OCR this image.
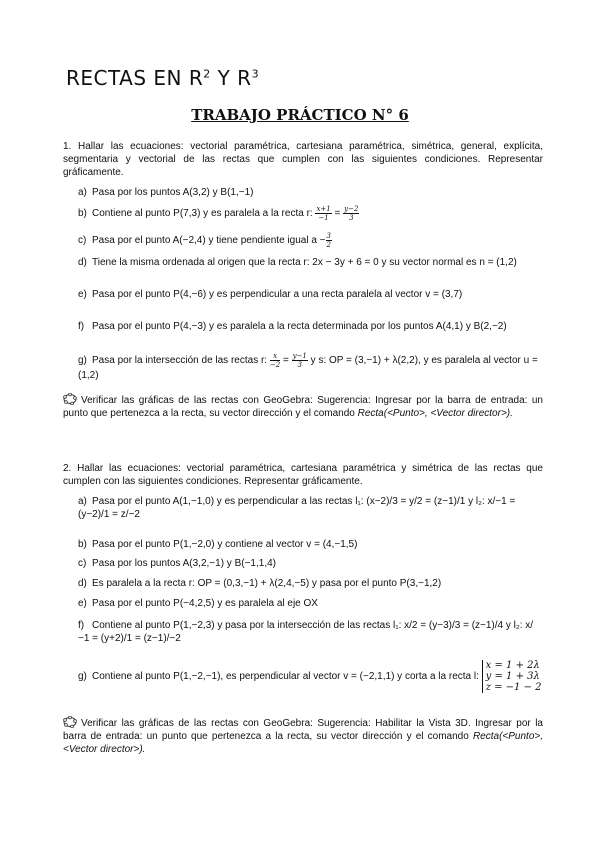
RECTAS EN $R^2$ Y $R^3$
TRABAJO PRÁCTICO N° 6
1. Hallar las ecuaciones: vectorial paramétrica, cartesiana paramétrica, simétrica, general, explícita, segmentaria y vectorial de las rectas que cumplen con las siguientes condiciones. Representar gráficamente.
a) Pasa por los puntos A(3,2) y B(1,−1)
b) Contiene al punto P(7,3) y es paralela a la recta r: $\frac{x+1}{-1} = \frac{y-2}{3}$
c) Pasa por el punto A(−2,4) y tiene pendiente igual $a - \frac{3}{2}$
d) Tiene la misma ordenada al origen que la recta r: 2x − 3y + 6 = 0 y su vector normal es n = (1,2)
e) Pasa por el punto P(4,−6) y es perpendicular a una recta paralela al vector v = (3,7)
f) Pasa por el punto P(4,−3) y es paralela a la recta determinada por los puntos A(4,1) y B(2,−2)
g) Pasa por la intersección de las rectas r: $\frac{x}{-2} = \frac{y-1}{3}$ y s: OP = (3,−1) + λ(2,2), y es paralela al vector u = (1,2)
Verificar las gráficas de las rectas con GeoGebra: Sugerencia: Ingresar por la barra de entrada: un punto que pertenezca a la recta, su vector dirección y el comando Recta(<Punto>, <Vector director>).
2. Hallar las ecuaciones: vectorial paramétrica, cartesiana paramétrica y simétrica de las rectas que cumplen con las siguientes condiciones. Representar gráficamente.
a) Pasa por el punto A(1,−1,0) y es perpendicular a las rectas l₁: (x−2)/3 = y/2 = (z−1)/1 y l₂: x/−1 = (y−2)/1 = z/−2
b) Pasa por el punto P(1,−2,0) y contiene al vector v = (4,−1,5)
c) Pasa por los puntos A(3,2,−1) y B(−1,1,4)
d) Es paralela a la recta r: OP = (0,3,−1) + λ(2,4,−5) y pasa por el punto P(3,−1,2)
e) Pasa por el punto P(−4,2,5) y es paralela al eje OX
f) Contiene al punto P(1,−2,3) y pasa por la intersección de las rectas l₁: x/2 = (y−3)/3 = (z−1)/4 y l₂: x/−1 = (y+2)/1 = (z−1)/−2
g) Contiene al punto P(1,−2,−1), es perpendicular al vector v = (−2,1,1) y corta a la recta l:
x = 1 + 2λ
y = 1 + 3λ
z = −1 − 2
Verificar las gráficas de las rectas con GeoGebra: Sugerencia: Habilitar la Vista 3D. Ingresar por la barra de entrada: un punto que pertenezca a la recta, su vector dirección y el comando Recta(<Punto>, <Vector director>).
